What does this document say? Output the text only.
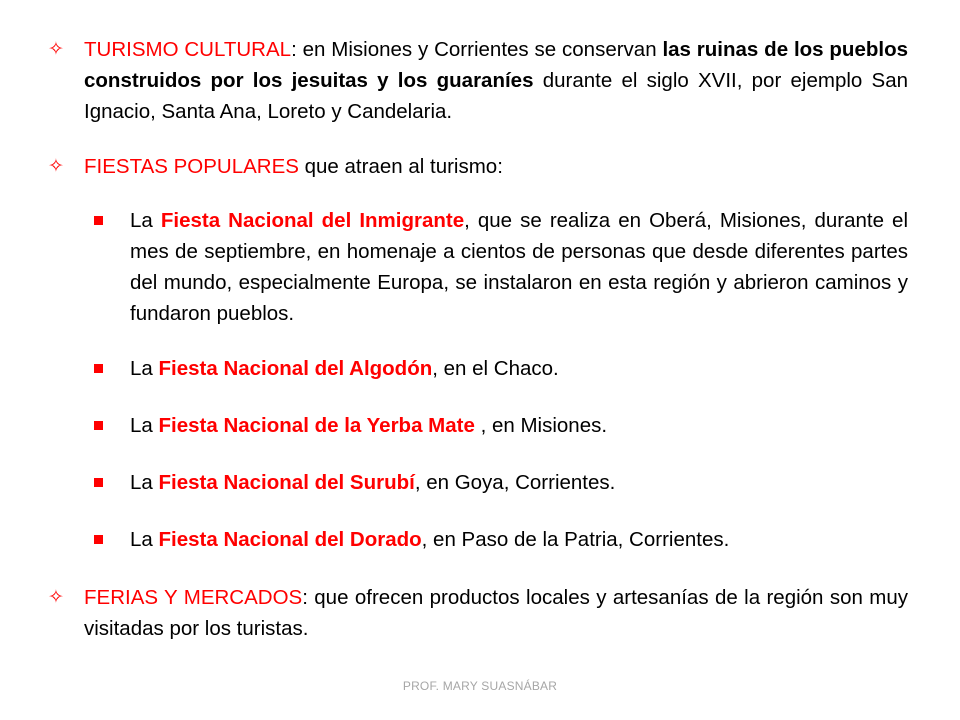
✧ TURISMO CULTURAL: en Misiones y Corrientes se conservan las ruinas de los pueblos construidos por los jesuitas y los guaraníes durante el siglo XVII, por ejemplo San Ignacio, Santa Ana, Loreto y Candelaria.
✧ FIESTAS POPULARES que atraen al turismo:
La Fiesta Nacional del Inmigrante, que se realiza en Oberá, Misiones, durante el mes de septiembre, en homenaje a cientos de personas que desde diferentes partes del mundo, especialmente Europa, se instalaron en esta región y abrieron caminos y fundaron pueblos.
La Fiesta Nacional del Algodón, en el Chaco.
La Fiesta Nacional de la Yerba Mate , en Misiones.
La Fiesta Nacional del Surubí, en Goya, Corrientes.
La Fiesta Nacional del Dorado, en Paso de la Patria, Corrientes.
✧ FERIAS Y MERCADOS: que ofrecen productos locales y artesanías de la región son muy visitadas por los turistas.
PROF. MARY SUASNÁBAR
